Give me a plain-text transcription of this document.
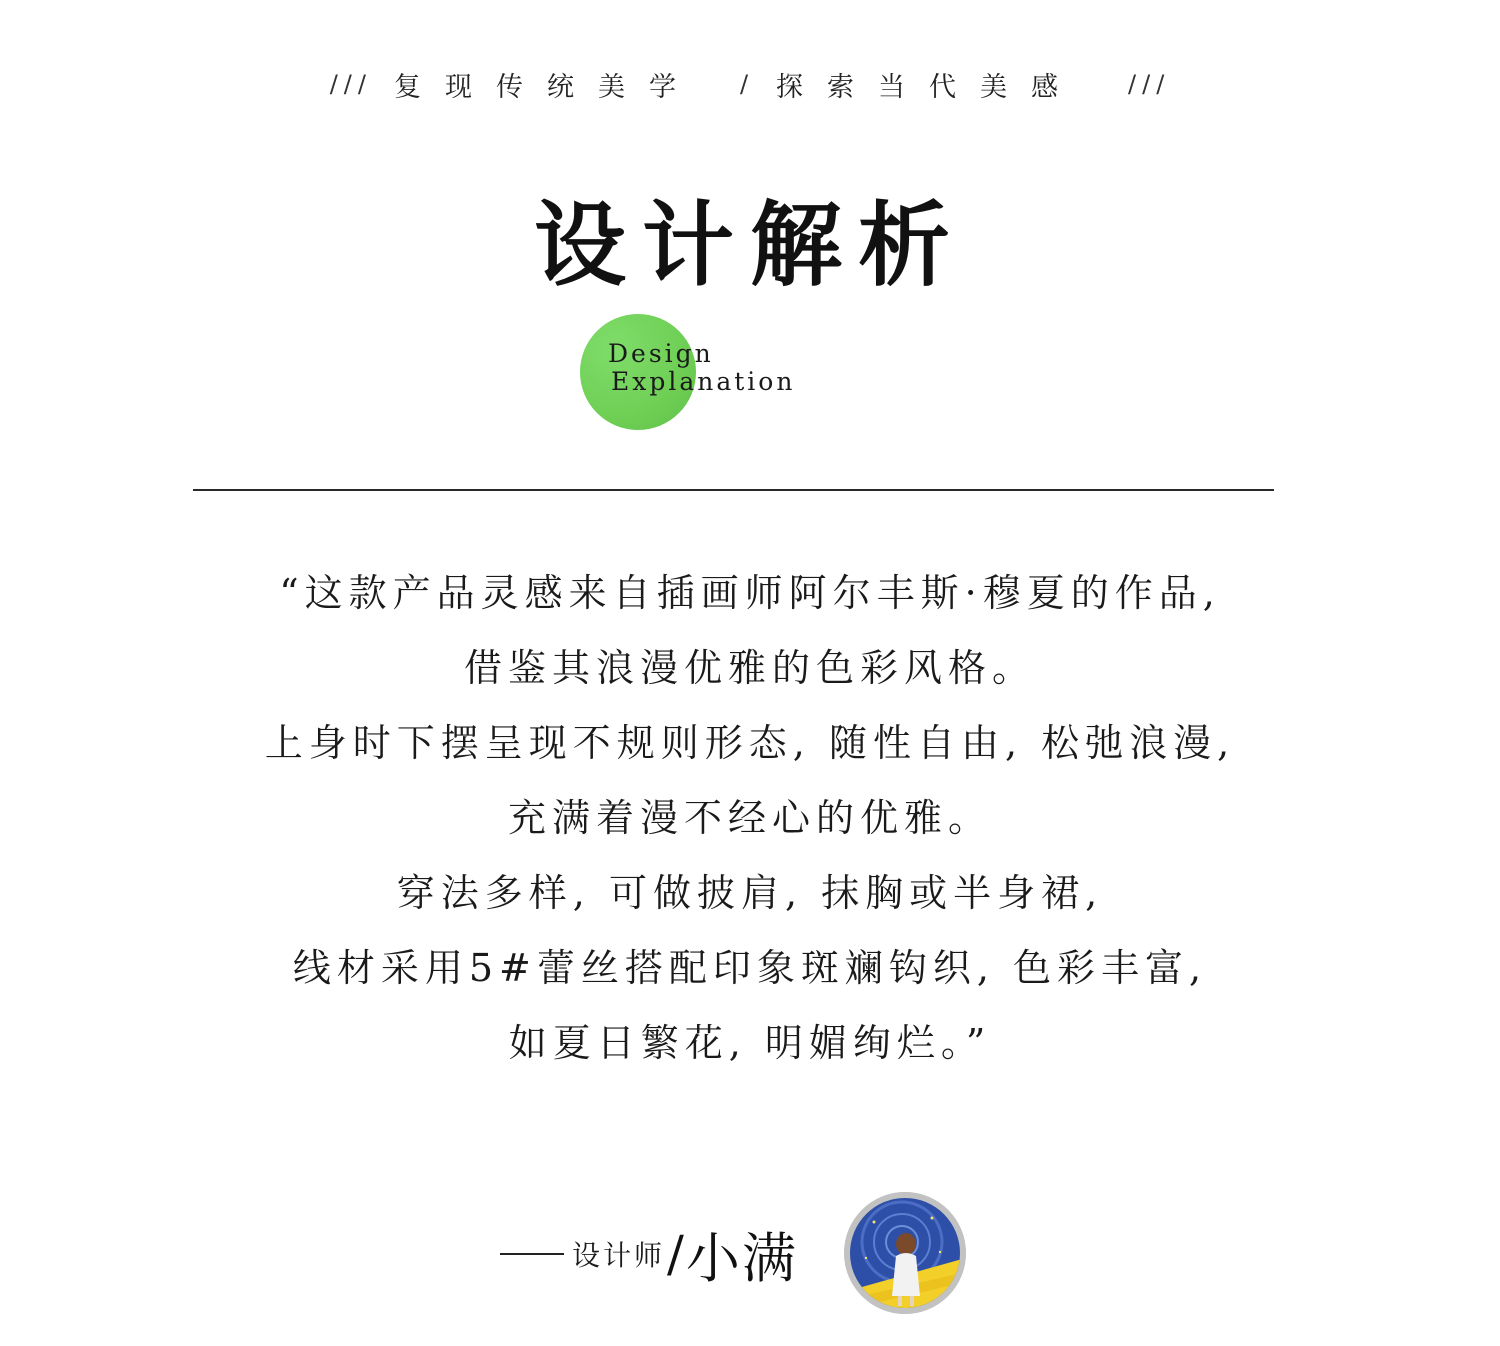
/// 复现传统美学 / 探索当代美感 ///
设计解析
Design
Explanation
“这款产品灵感来自插画师阿尔丰斯·穆夏的作品,
借鉴其浪漫优雅的色彩风格。
上身时下摆呈现不规则形态, 随性自由, 松弛浪漫,
充满着漫不经心的优雅。
穿法多样, 可做披肩, 抹胸或半身裙,
线材采用5#蕾丝搭配印象斑斓钩织, 色彩丰富,
如夏日繁花, 明媚绚烂。”
设计师 / 小满
